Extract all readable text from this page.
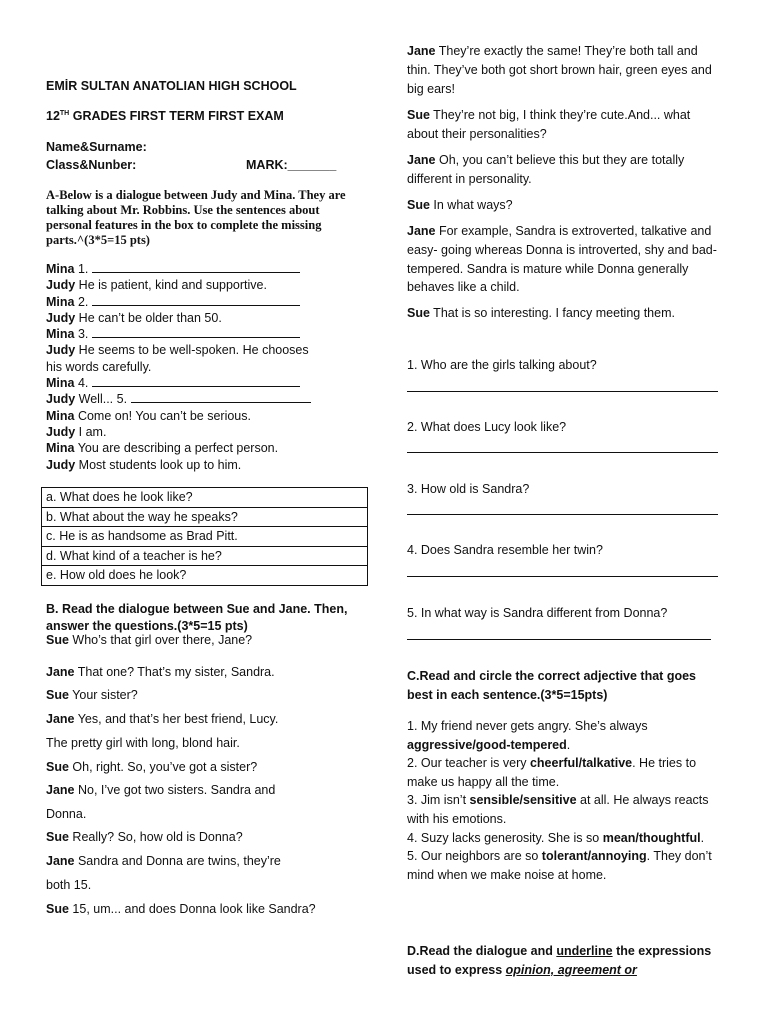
EMİR SULTAN ANATOLIAN HIGH SCHOOL
12TH GRADES FIRST TERM FIRST EXAM
Name&Surname:
Class&Nunber:	MARK:_______
A-Below is a dialogue between Judy and Mina. They are talking about Mr. Robbins. Use the sentences about personal features in the box to complete the missing parts.^(3*5=15 pts)
Mina 1.
Judy He is patient, kind and supportive.
Mina 2.
Judy He can’t be older than 50.
Mina 3.
Judy He seems to be well-spoken. He chooses
his words carefully.
Mina 4.
Judy Well... 5.
Mina Come on! You can’t be serious.
Judy I am.
Mina You are describing a perfect person.
Judy Most students look up to him.
a. What does he look like?
b. What about the way he speaks?
c. He is as handsome as Brad Pitt.
d. What kind of a teacher is he?
e. How old does he look?
B. Read the dialogue between Sue and Jane. Then, answer the questions.(3*5=15 pts)
Sue Who’s that girl over there, Jane?
Jane That one? That’s my sister, Sandra.
Sue Your sister?
Jane Yes, and that’s her best friend, Lucy.
The pretty girl with long, blond hair.
Sue Oh, right. So, you’ve got a sister?
Jane No, I’ve got two sisters. Sandra and
Donna.
Sue Really? So, how old is Donna?
Jane Sandra and Donna are twins, they’re
both 15.
Sue 15, um... and does Donna look like Sandra?
Jane They’re exactly the same! They’re both tall and thin. They’ve both got short brown hair, green eyes and big ears!
Sue They’re not big, I think they’re cute.And... what about their personalities?
Jane Oh, you can’t believe this but they are totally different in personality.
Sue In what ways?
Jane For example, Sandra is extroverted, talkative and easy- going whereas Donna is introverted, shy and bad- tempered. Sandra is mature while Donna generally behaves like a child.
Sue That is so interesting. I fancy meeting them.
1. Who are the girls talking about?
2. What does Lucy look like?
3. How old is Sandra?
4. Does Sandra resemble her twin?
5. In what way is Sandra different from Donna?
C.Read and circle the correct adjective that goes best in each sentence.(3*5=15pts)
1. My friend never gets angry. She’s always aggressive/good-tempered.
2. Our teacher is very cheerful/talkative. He tries to make us happy all the time.
3. Jim isn’t sensible/sensitive at all. He always reacts with his emotions.
4. Suzy lacks generosity. She is so mean/thoughtful.
5. Our neighbors are so tolerant/annoying. They don’t mind when we make noise at home.
D.Read the dialogue and underline the expressions used to express opinion, agreement or
